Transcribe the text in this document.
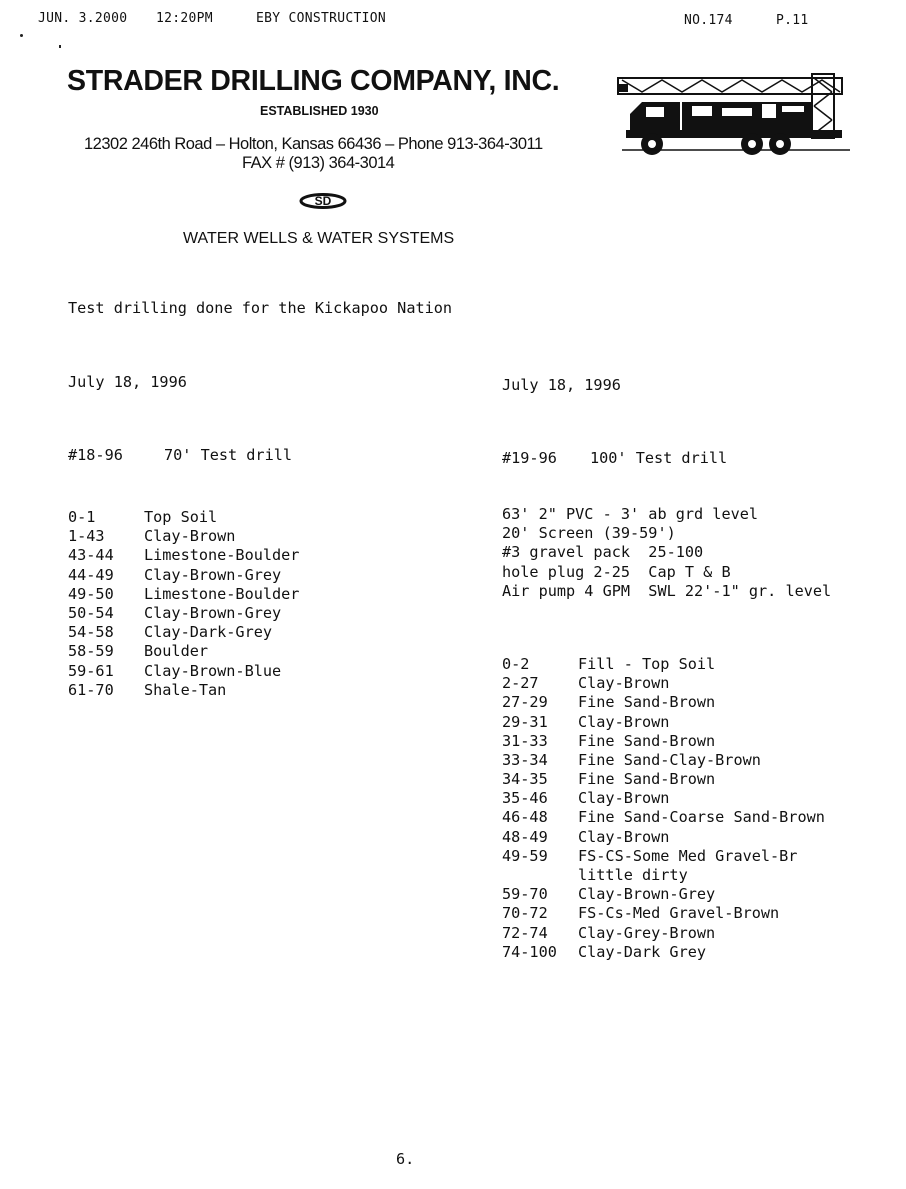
JUN. 3.2000 12:20PM	EBY CONSTRUCTION	NO.174	P.11
STRADER DRILLING COMPANY, INC.
ESTABLISHED 1930
12302 246th Road – Holton, Kansas 66436 – Phone 913-364-3011
FAX # (913) 364-3014
SD
WATER WELLS & WATER SYSTEMS
Test drilling done for the Kickapoo Nation

July 18, 1996

#18-96	70' Test drill

0-1	Top Soil
1-43	Clay-Brown
43-44	Limestone-Boulder
44-49	Clay-Brown-Grey
49-50	Limestone-Boulder
50-54	Clay-Brown-Grey
54-58	Clay-Dark-Grey
58-59	Boulder
59-61	Clay-Brown-Blue
61-70	Shale-Tan

July 18, 1996

#19-96	100' Test drill

63' 2" PVC - 3' ab grd level
20' Screen (39-59')
#3 gravel pack  25-100
hole plug 2-25  Cap T & B
Air pump 4 GPM  SWL 22'-1" gr. level

0-2	Fill - Top Soil
2-27	Clay-Brown
27-29	Fine Sand-Brown
29-31	Clay-Brown
31-33	Fine Sand-Brown
33-34	Fine Sand-Clay-Brown
34-35	Fine Sand-Brown
35-46	Clay-Brown
46-48	Fine Sand-Coarse Sand-Brown
48-49	Clay-Brown
49-59	FS-CS-Some Med Gravel-Br
little dirty
59-70	Clay-Brown-Grey
70-72	FS-Cs-Med Gravel-Brown
72-74	Clay-Grey-Brown
74-100	Clay-Dark Grey

6.
